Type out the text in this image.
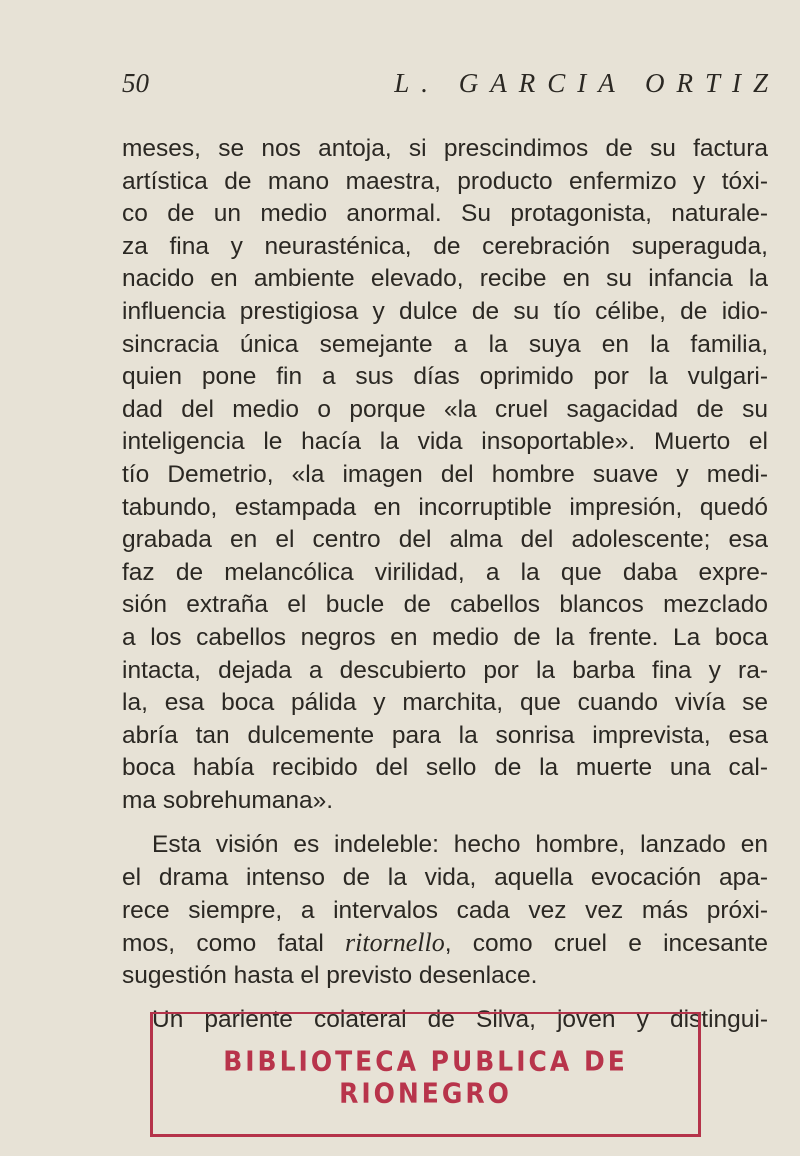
50	L. GARCIA ORTIZ
meses, se nos antoja, si prescindimos de su factura
artística de mano maestra, producto enfermizo y tóxi-
co de un medio anormal. Su protagonista, naturale-
za fina y neurasténica, de cerebración superaguda,
nacido en ambiente elevado, recibe en su infancia la
influencia prestigiosa y dulce de su tío célibe, de idio-
sincracia única semejante a la suya en la familia,
quien pone fin a sus días oprimido por la vulgari-
dad del medio o porque «la cruel sagacidad de su
inteligencia le hacía la vida insoportable». Muerto el
tío Demetrio, «la imagen del hombre suave y medi-
tabundo, estampada en incorruptible impresión, quedó
grabada en el centro del alma del adolescente; esa
faz de melancólica virilidad, a la que daba expre-
sión extraña el bucle de cabellos blancos mezclado
a los cabellos negros en medio de la frente. La boca
intacta, dejada a descubierto por la barba fina y ra-
la, esa boca pálida y marchita, que cuando vivía se
abría tan dulcemente para la sonrisa imprevista, esa
boca había recibido del sello de la muerte una cal-
ma sobrehumana».
Esta visión es indeleble: hecho hombre, lanzado en
el drama intenso de la vida, aquella evocación apa-
rece siempre, a intervalos cada vez vez más próxi-
mos, como fatal ritornello, como cruel e incesante
sugestión hasta el previsto desenlace.
Un pariente colateral de Silva, joven y distingui-
BIBLIOTECA PUBLICA DE RIONEGRO
